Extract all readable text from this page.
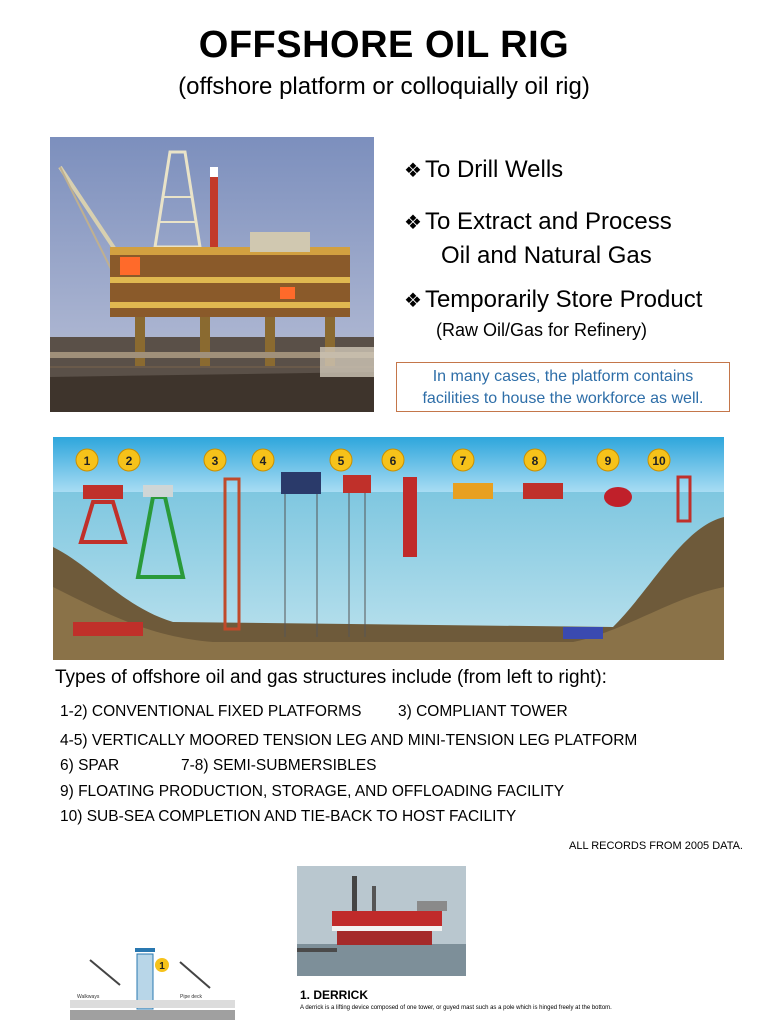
OFFSHORE OIL RIG
(offshore platform or colloquially oil rig)
❖ To Drill Wells
❖ To Extract and Process
Oil and Natural Gas
❖ Temporarily Store Product
(Raw Oil/Gas for Refinery)
In many cases, the platform contains
facilities to house the workforce as well.
1	2	3	4	5	6	7	8	9	10
Types of offshore oil and gas structures include (from left to right):
1-2) CONVENTIONAL FIXED PLATFORMS 3) COMPLIANT TOWER
4-5) VERTICALLY MOORED TENSION LEG AND MINI-TENSION LEG PLATFORM
6) SPAR	7-8) SEMI-SUBMERSIBLES
9) FLOATING PRODUCTION, STORAGE, AND OFFLOADING FACILITY
10) SUB-SEA COMPLETION AND TIE-BACK TO HOST FACILITY
ALL RECORDS FROM 2005 DATA.
1
Walkways	Pipe deck	1. DERRICK
A derrick is a lifting device composed of one tower, or guyed mast such as a pole which is hinged freely at the bottom.
